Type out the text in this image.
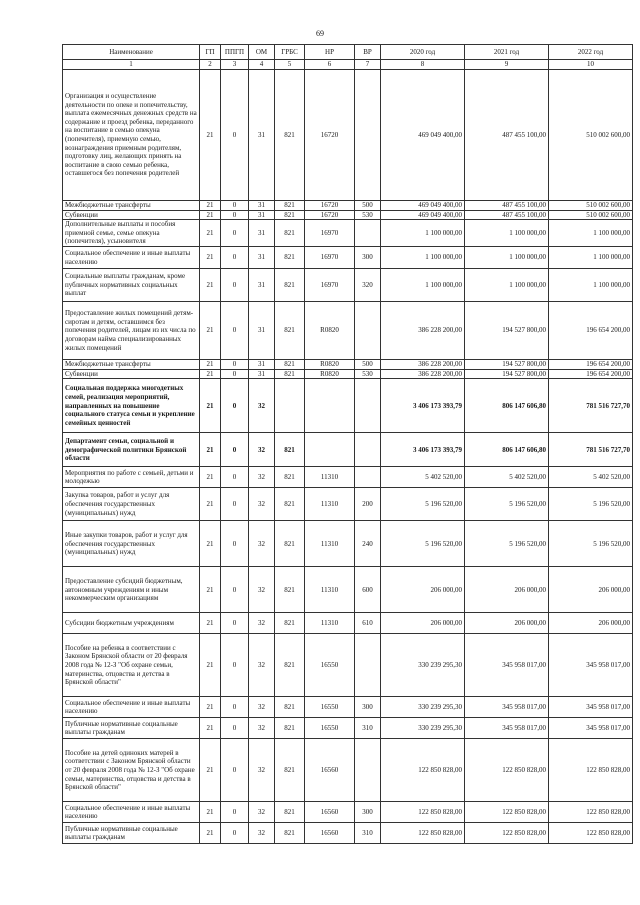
69
Наименование	ГП	ППГП	ОМ	ГРБС	НР	ВР	2020 год	2021 год	2022 год
1	2	3	4	5	6	7	8	9	10
Организация и осуществление деятельности по опеке и попечительству, выплата ежемесячных денежных средств на содержание и проезд ребенка, переданного на воспитание в семью опекуна (попечителя), приемную семью, вознаграждения приемным родителям, подготовку лиц, желающих принять на воспитание в свою семью ребенка, оставшегося без попечения родителей	21	0	31	821	16720		469 049 400,00	487 455 100,00	510 002 600,00
Межбюджетные трансферты	21	0	31	821	16720	500	469 049 400,00	487 455 100,00	510 002 600,00
Субвенции	21	0	31	821	16720	530	469 049 400,00	487 455 100,00	510 002 600,00
Дополнительные выплаты и пособия приемной семье, семье опекуна (попечителя), усыновителя	21	0	31	821	16970		1 100 000,00	1 100 000,00	1 100 000,00
Социальное обеспечение и иные выплаты населению	21	0	31	821	16970	300	1 100 000,00	1 100 000,00	1 100 000,00
Социальные выплаты гражданам, кроме публичных нормативных социальных выплат	21	0	31	821	16970	320	1 100 000,00	1 100 000,00	1 100 000,00
Предоставление жилых помещений детям-сиротам и детям, оставшимся без попечения родителей, лицам из их числа по договорам найма специализированных жилых помещений	21	0	31	821	R0820		386 228 200,00	194 527 800,00	196 654 200,00
Межбюджетные трансферты	21	0	31	821	R0820	500	386 228 200,00	194 527 800,00	196 654 200,00
Субвенции	21	0	31	821	R0820	530	386 228 200,00	194 527 800,00	196 654 200,00
Социальная поддержка многодетных семей, реализация мероприятий, направленных на повышение социального статуса семьи и укрепление семейных ценностей	21	0	32				3 406 173 393,79	806 147 606,80	781 516 727,70
Департамент семьи, социальной и демографической политики Брянской области	21	0	32	821			3 406 173 393,79	806 147 606,80	781 516 727,70
Мероприятия по работе с семьей, детьми и молодежью	21	0	32	821	11310		5 402 520,00	5 402 520,00	5 402 520,00
Закупка товаров, работ и услуг для обеспечения государственных (муниципальных) нужд	21	0	32	821	11310	200	5 196 520,00	5 196 520,00	5 196 520,00
Иные закупки товаров, работ и услуг для обеспечения государственных (муниципальных) нужд	21	0	32	821	11310	240	5 196 520,00	5 196 520,00	5 196 520,00
Предоставление субсидий бюджетным, автономным учреждениям и иным некоммерческим организациям	21	0	32	821	11310	600	206 000,00	206 000,00	206 000,00
Субсидии бюджетным учреждениям	21	0	32	821	11310	610	206 000,00	206 000,00	206 000,00
Пособие на ребенка в соответствии с Законом Брянской области от 20 февраля 2008 года № 12-З "Об охране семьи, материнства, отцовства и детства в Брянской области"	21	0	32	821	16550		330 239 295,30	345 958 017,00	345 958 017,00
Социальное обеспечение и иные выплаты населению	21	0	32	821	16550	300	330 239 295,30	345 958 017,00	345 958 017,00
Публичные нормативные социальные выплаты гражданам	21	0	32	821	16550	310	330 239 295,30	345 958 017,00	345 958 017,00
Пособие на детей одиноких матерей в соответствии с Законом Брянской области от 20 февраля 2008 года № 12-З "Об охране семьи, материнства, отцовства и детства в Брянской области"	21	0	32	821	16560		122 850 828,00	122 850 828,00	122 850 828,00
Социальное обеспечение и иные выплаты населению	21	0	32	821	16560	300	122 850 828,00	122 850 828,00	122 850 828,00
Публичные нормативные социальные выплаты гражданам	21	0	32	821	16560	310	122 850 828,00	122 850 828,00	122 850 828,00
